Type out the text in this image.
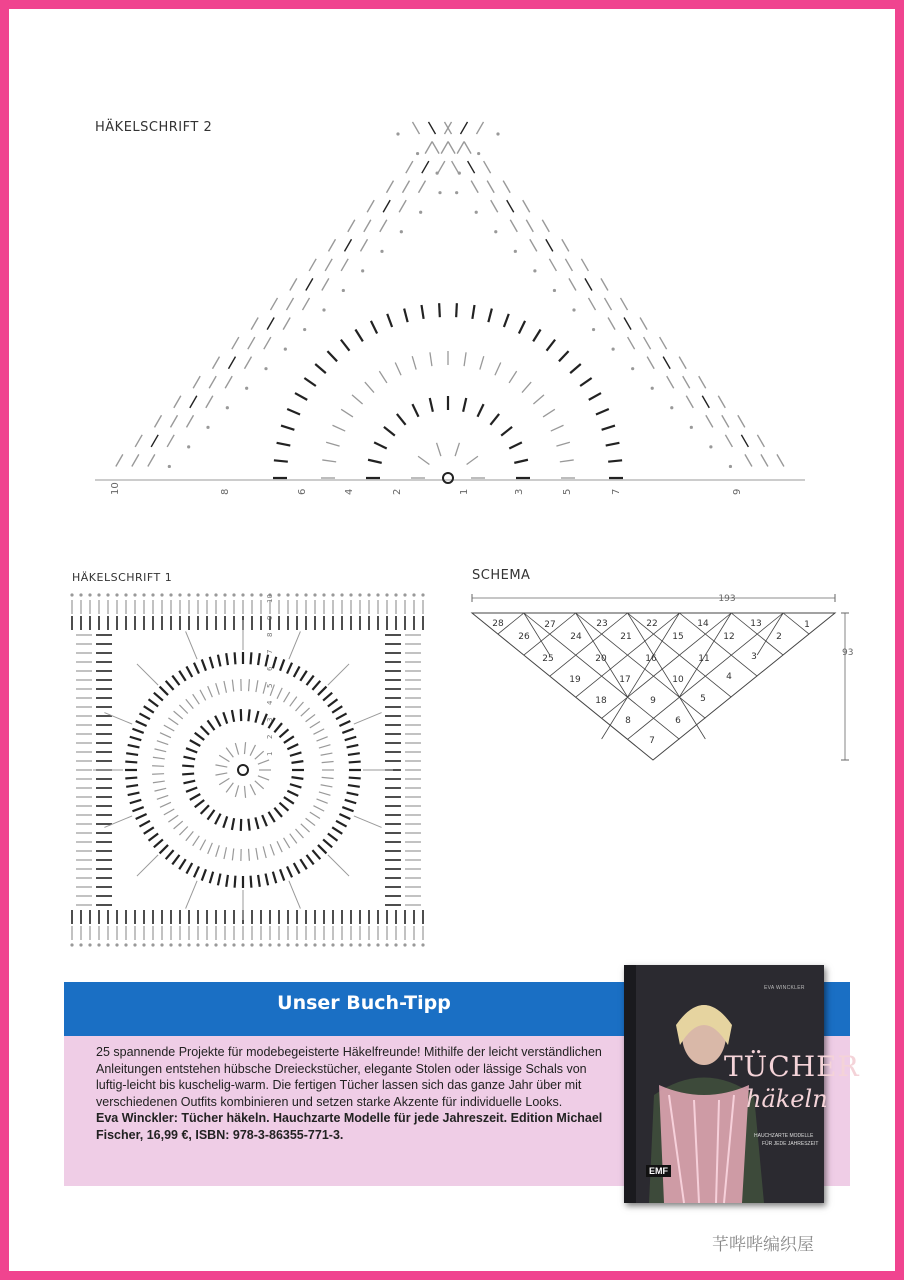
HÄKELSCHRIFT 2
10	8	6	4	2	1	3	5	7	9
HÄKELSCHRIFT 1
10
9
8
7
6
5
4
3
2
1
SCHEMA
193
93
1
2
3
4
5
6
7
8
9
10
11
12
13
14
15
16
17
18
19
20
21
22
23
24
25
26
27
28
Unser Buch-Tipp
25 spannende Projekte für modebegeisterte Häkelfreunde! Mithilfe der leicht verständlichen Anleitungen entstehen hübsche Dreieckstücher, elegante Stolen oder lässige Schals von luftig-leicht bis kuschelig-warm. Die fertigen Tücher lassen sich das ganze Jahr über mit verschiedenen Outfits kombinieren und setzen starke Akzente für individuelle Looks.
Eva Winckler: Tücher häkeln. Hauchzarte Modelle für jede Jahreszeit. Edition Michael Fischer, 16,99 €, ISBN: 978-3-86355-771-3.
EVA WINCKLER
TÜCHER
häkeln
HAUCHZARTE MODELLE
FÜR JEDE JAHRESZEIT
EMF
芊哔哔编织屋
